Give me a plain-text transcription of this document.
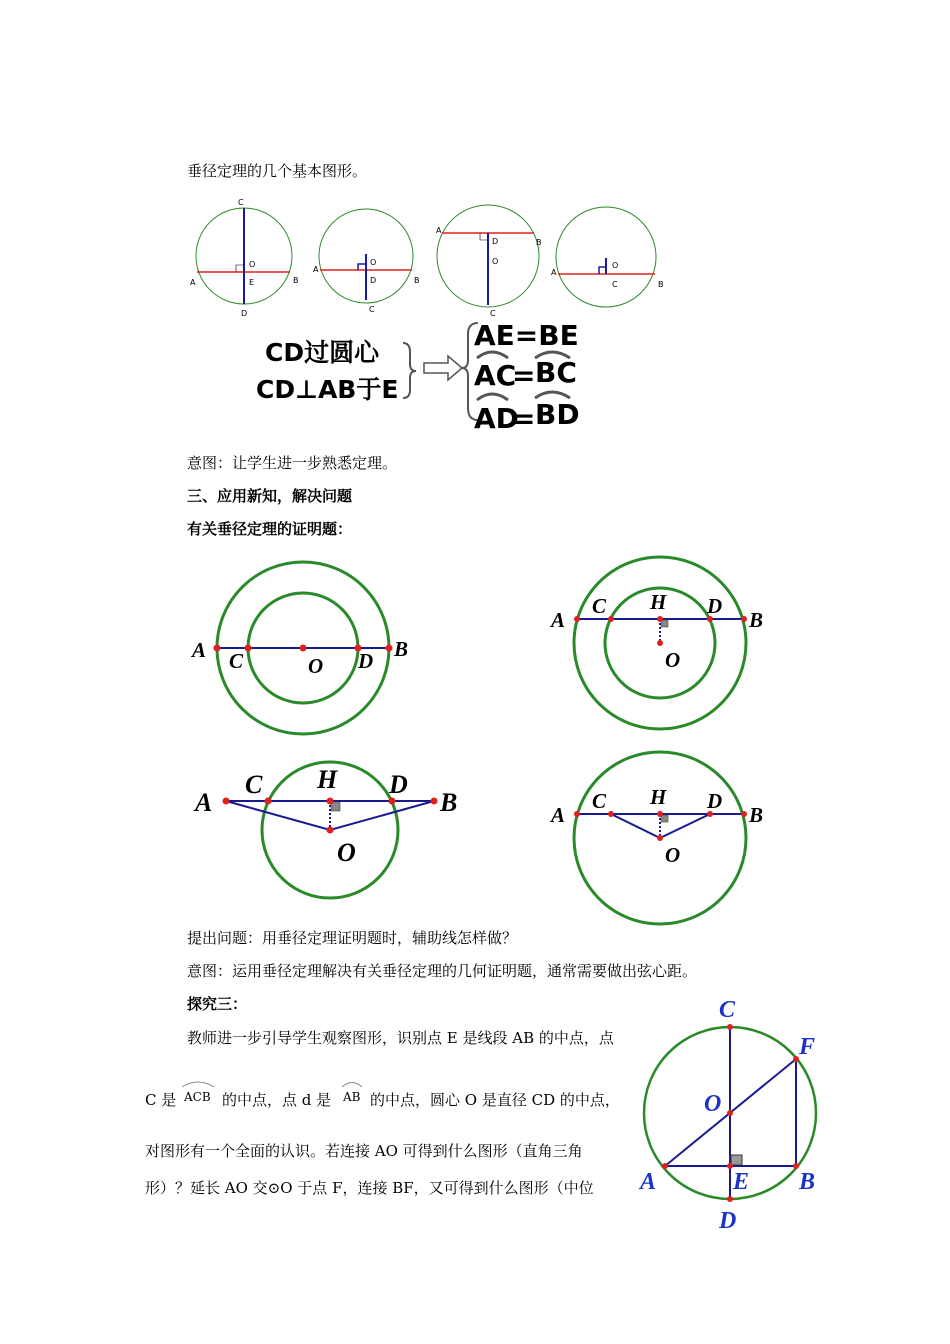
垂径定理的几个基本图形。
C
O
E
A	B
D
O
D
A
B
C
A
B
D
O
C
O
C
A
B
CD过圆心
CD⊥AB于E
AE=BE
AC
= BC
AD
= BD
意图：让学生进一步熟悉定理。
三、应用新知，解决问题
有关垂径定理的证明题：
A C	O D B
A
C H D
B
O
A
C H D
B
O
A
C H D
B
O
C
F
O
A	E B
D
提出问题：用垂径定理证明题时，辅助线怎样做？
意图：运用垂径定理解决有关垂径定理的几何证明题，通常需要做出弦心距。
探究三：
教师进一步引导学生观察图形，识别点 E 是线段 AB 的中点，点
C 是 ACB 的中点，点 d 是 AB 的中点，圆心 O 是直径 CD 的中点，
对图形有一个全面的认识。若连接 AO 可得到什么图形（直角三角
形）？延长 AO 交⊙O 于点 F，连接 BF，又可得到什么图形（中位
